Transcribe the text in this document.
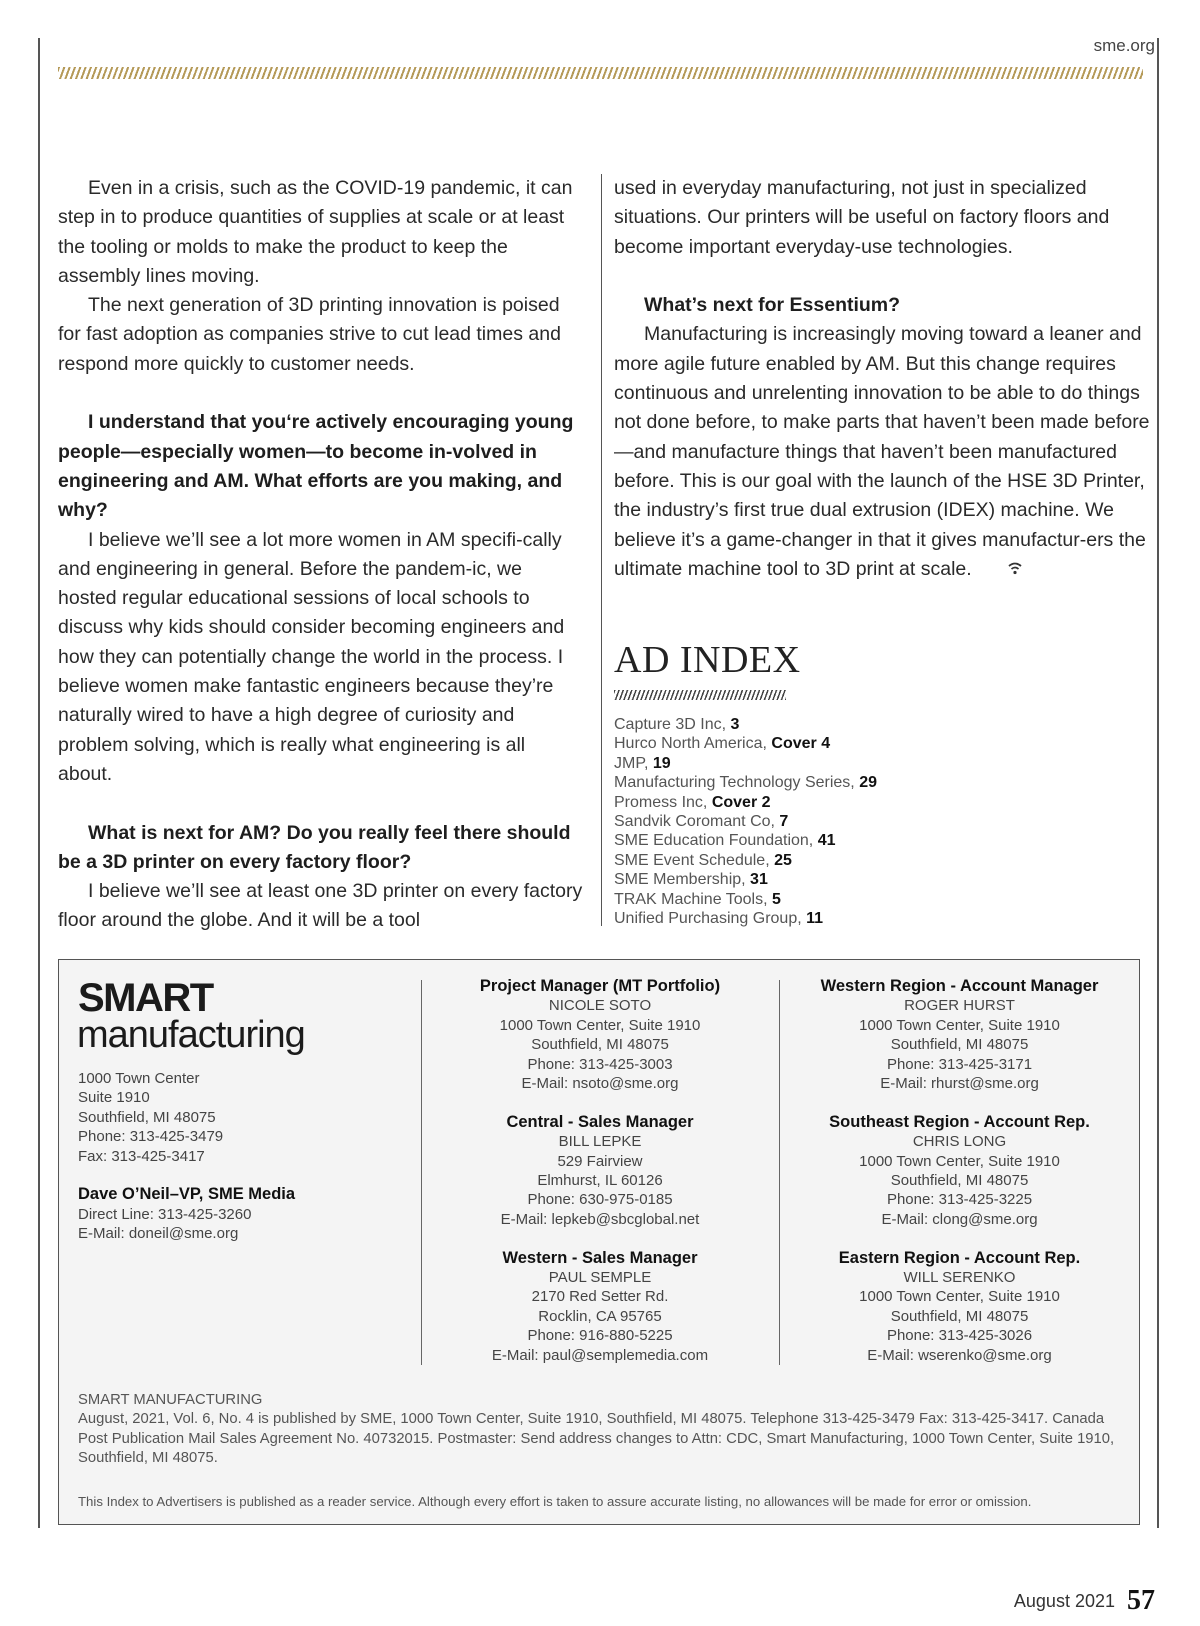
sme.org

Even in a crisis, such as the COVID-19 pandemic, it can step in to produce quantities of supplies at scale or at least the tooling or molds to make the product to keep the assembly lines moving.

The next generation of 3D printing innovation is poised for fast adoption as companies strive to cut lead times and respond more quickly to customer needs.

I understand that you‘re actively encouraging young people—especially women—to become in-volved in engineering and AM. What efforts are you making, and why?

I believe we’ll see a lot more women in AM specifi-cally and engineering in general. Before the pandem-ic, we hosted regular educational sessions of local schools to discuss why kids should consider becoming engineers and how they can potentially change the world in the process. I believe women make fantastic engineers because they’re naturally wired to have a high degree of curiosity and problem solving, which is really what engineering is all about.

What is next for AM? Do you really feel there should be a 3D printer on every factory floor?

I believe we’ll see at least one 3D printer on every factory floor around the globe. And it will be a tool

used in everyday manufacturing, not just in specialized situations. Our printers will be useful on factory floors and become important everyday-use technologies.

What’s next for Essentium?

Manufacturing is increasingly moving toward a leaner and more agile future enabled by AM. But this change requires continuous and unrelenting innovation to be able to do things not done before, to make parts that haven’t been made before—and manufacture things that haven’t been manufactured before. This is our goal with the launch of the HSE 3D Printer, the industry’s first true dual extrusion (IDEX) machine. We believe it’s a game-changer in that it gives manufactur-ers the ultimate machine tool to 3D print at scale.

AD INDEX
Capture 3D Inc, 3
Hurco North America, Cover 4
JMP, 19
Manufacturing Technology Series, 29
Promess Inc, Cover 2
Sandvik Coromant Co, 7
SME Education Foundation, 41
SME Event Schedule, 25
SME Membership, 31
TRAK Machine Tools, 5
Unified Purchasing Group, 11
SMART
manufacturing
1000 Town Center
Suite 1910
Southfield, MI 48075
Phone: 313-425-3479
Fax: 313-425-3417
Dave O’Neil–VP, SME Media
Direct Line: 313-425-3260
E-Mail: doneil@sme.org
Project Manager (MT Portfolio)
NICOLE SOTO
1000 Town Center, Suite 1910
Southfield, MI 48075
Phone: 313-425-3003
E-Mail: nsoto@sme.org
Central - Sales Manager
BILL LEPKE
529 Fairview
Elmhurst, IL 60126
Phone: 630-975-0185
E-Mail: lepkeb@sbcglobal.net
Western - Sales Manager
PAUL SEMPLE
2170 Red Setter Rd.
Rocklin, CA 95765
Phone: 916-880-5225
E-Mail: paul@semplemedia.com
Western Region - Account Manager
ROGER HURST
1000 Town Center, Suite 1910
Southfield, MI 48075
Phone: 313-425-3171
E-Mail: rhurst@sme.org
Southeast Region - Account Rep.
CHRIS LONG
1000 Town Center, Suite 1910
Southfield, MI 48075
Phone: 313-425-3225
E-Mail: clong@sme.org
Eastern Region - Account Rep.
WILL SERENKO
1000 Town Center, Suite 1910
Southfield, MI 48075
Phone: 313-425-3026
E-Mail: wserenko@sme.org
SMART MANUFACTURING
August, 2021, Vol. 6, No. 4 is published by SME, 1000 Town Center, Suite 1910, Southfield, MI 48075. Telephone 313-425-3479 Fax: 313-425-3417. Canada Post Publication Mail Sales Agreement No. 40732015. Postmaster: Send address changes to Attn: CDC, Smart Manufacturing, 1000 Town Center, Suite 1910, Southfield, MI 48075.
This Index to Advertisers is published as a reader service. Although every effort is taken to assure accurate listing, no allowances will be made for error or omission.
August 2021 57
